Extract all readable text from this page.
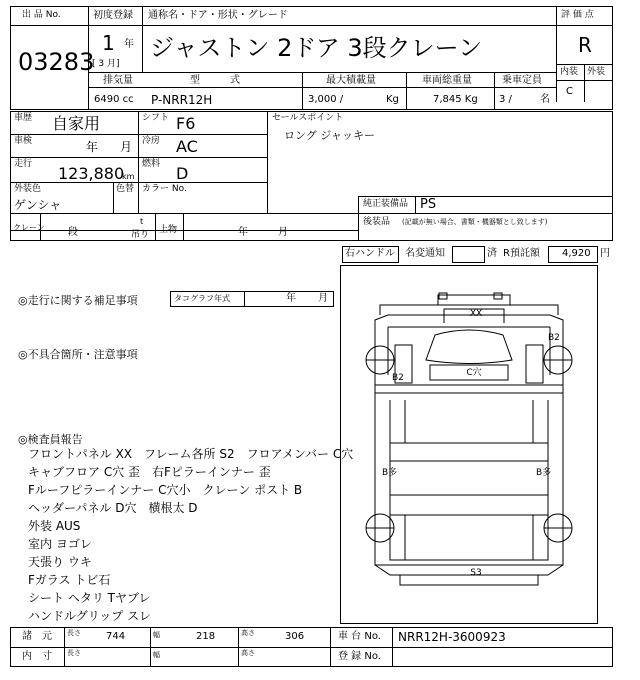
出 品 No.
03283
初度登録 通称名・ドア・形状・グレード
1 年
[ 3 月]
ジャストン 2ドア 3段クレーン
評 価 点
R
内装 外装
C
排気量	型　　　式	最大積載量	車両総重量	乗車定員
6490 cc P-NRR12H	3,000 /	Kg	7,845 Kg 3 /	名
車歴 自家用	シフト F6
車検	年 月 冷房 AC
走行 123,880
km
燃料 D
外装色
ゲンシャ
色替 カラー No.
セールスポイント
ロング ジャッキー
純正装備品 PS
後装品 (記載が無い場合、書類・機器類とし致します)
クレーン 段
t
吊り 上物	年	月
右ハンドル 名変通知	済 R預託額 4,920 円
◎走行に関する補足事項	タコグラフ年式	年 月
◎不具合箇所・注意事項
◎検査員報告
フロントパネル XX　フレーム各所 S2　フロアメンバー C穴
キャブフロア C穴 歪　右Fピラーインナー 歪
Fルーフピラーインナー C穴小　クレーン ポスト B
ヘッダーパネル D穴　横根太 D
外装 AUS
室内 ヨゴレ
天張り ウキ
Fガラス トビ石
シート ヘタリ Tヤブレ
ハンドルグリップ スレ
XX
C穴
B2
B2
B多	B多
S3
諸　元 長さ	744	幅	218	高さ	306	車 台 No. NRR12H-3600923
内　寸 長さ	幅	高さ	登 録 No.
